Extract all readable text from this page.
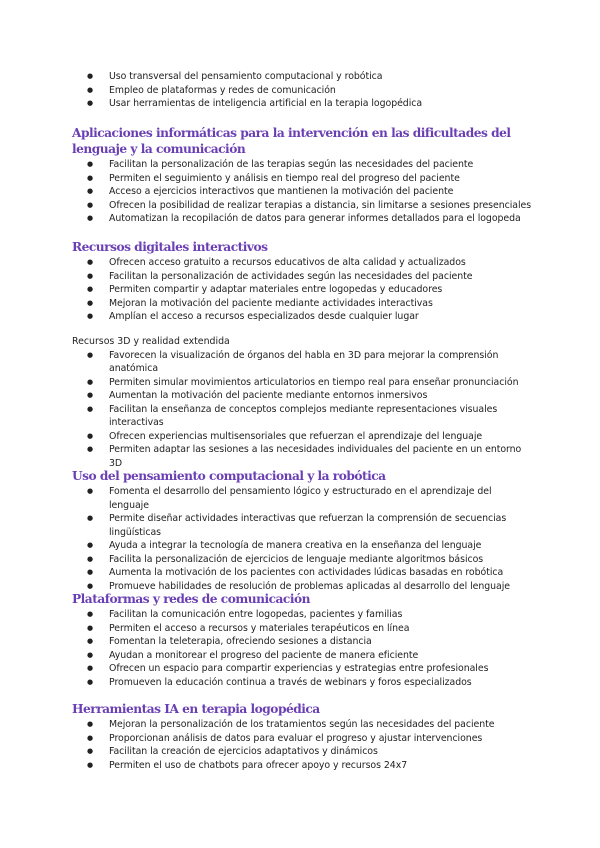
● Uso transversal del pensamiento computacional y robótica
● Empleo de plataformas y redes de comunicación
● Usar herramientas de inteligencia artificial en la terapia logopédica
Aplicaciones informáticas para la intervención en las dificultades del lenguaje y la comunicación
● Facilitan la personalización de las terapias según las necesidades del paciente
● Permiten el seguimiento y análisis en tiempo real del progreso del paciente
● Acceso a ejercicios interactivos que mantienen la motivación del paciente
● Ofrecen la posibilidad de realizar terapias a distancia, sin limitarse a sesiones presenciales
● Automatizan la recopilación de datos para generar informes detallados para el logopeda
Recursos digitales interactivos
● Ofrecen acceso gratuito a recursos educativos de alta calidad y actualizados
● Facilitan la personalización de actividades según las necesidades del paciente
● Permiten compartir y adaptar materiales entre logopedas y educadores
● Mejoran la motivación del paciente mediante actividades interactivas
● Amplían el acceso a recursos especializados desde cualquier lugar

Recursos 3D y realidad extendida

● Favorecen la visualización de órganos del habla en 3D para mejorar la comprensión anatómica
● Permiten simular movimientos articulatorios en tiempo real para enseñar pronunciación
● Aumentan la motivación del paciente mediante entornos inmersivos
● Facilitan la enseñanza de conceptos complejos mediante representaciones visuales interactivas
● Ofrecen experiencias multisensoriales que refuerzan el aprendizaje del lenguaje
● Permiten adaptar las sesiones a las necesidades individuales del paciente en un entorno 3D
Uso del pensamiento computacional y la robótica
● Fomenta el desarrollo del pensamiento lógico y estructurado en el aprendizaje del lenguaje
● Permite diseñar actividades interactivas que refuerzan la comprensión de secuencias lingüísticas
● Ayuda a integrar la tecnología de manera creativa en la enseñanza del lenguaje
● Facilita la personalización de ejercicios de lenguaje mediante algoritmos básicos
● Aumenta la motivación de los pacientes con actividades lúdicas basadas en robótica
● Promueve habilidades de resolución de problemas aplicadas al desarrollo del lenguaje
Plataformas y redes de comunicación
● Facilitan la comunicación entre logopedas, pacientes y familias
● Permiten el acceso a recursos y materiales terapéuticos en línea
● Fomentan la teleterapia, ofreciendo sesiones a distancia
● Ayudan a monitorear el progreso del paciente de manera eficiente
● Ofrecen un espacio para compartir experiencias y estrategias entre profesionales
● Promueven la educación continua a través de webinars y foros especializados
Herramientas IA en terapia logopédica
● Mejoran la personalización de los tratamientos según las necesidades del paciente
● Proporcionan análisis de datos para evaluar el progreso y ajustar intervenciones
● Facilitan la creación de ejercicios adaptativos y dinámicos
● Permiten el uso de chatbots para ofrecer apoyo y recursos 24x7
